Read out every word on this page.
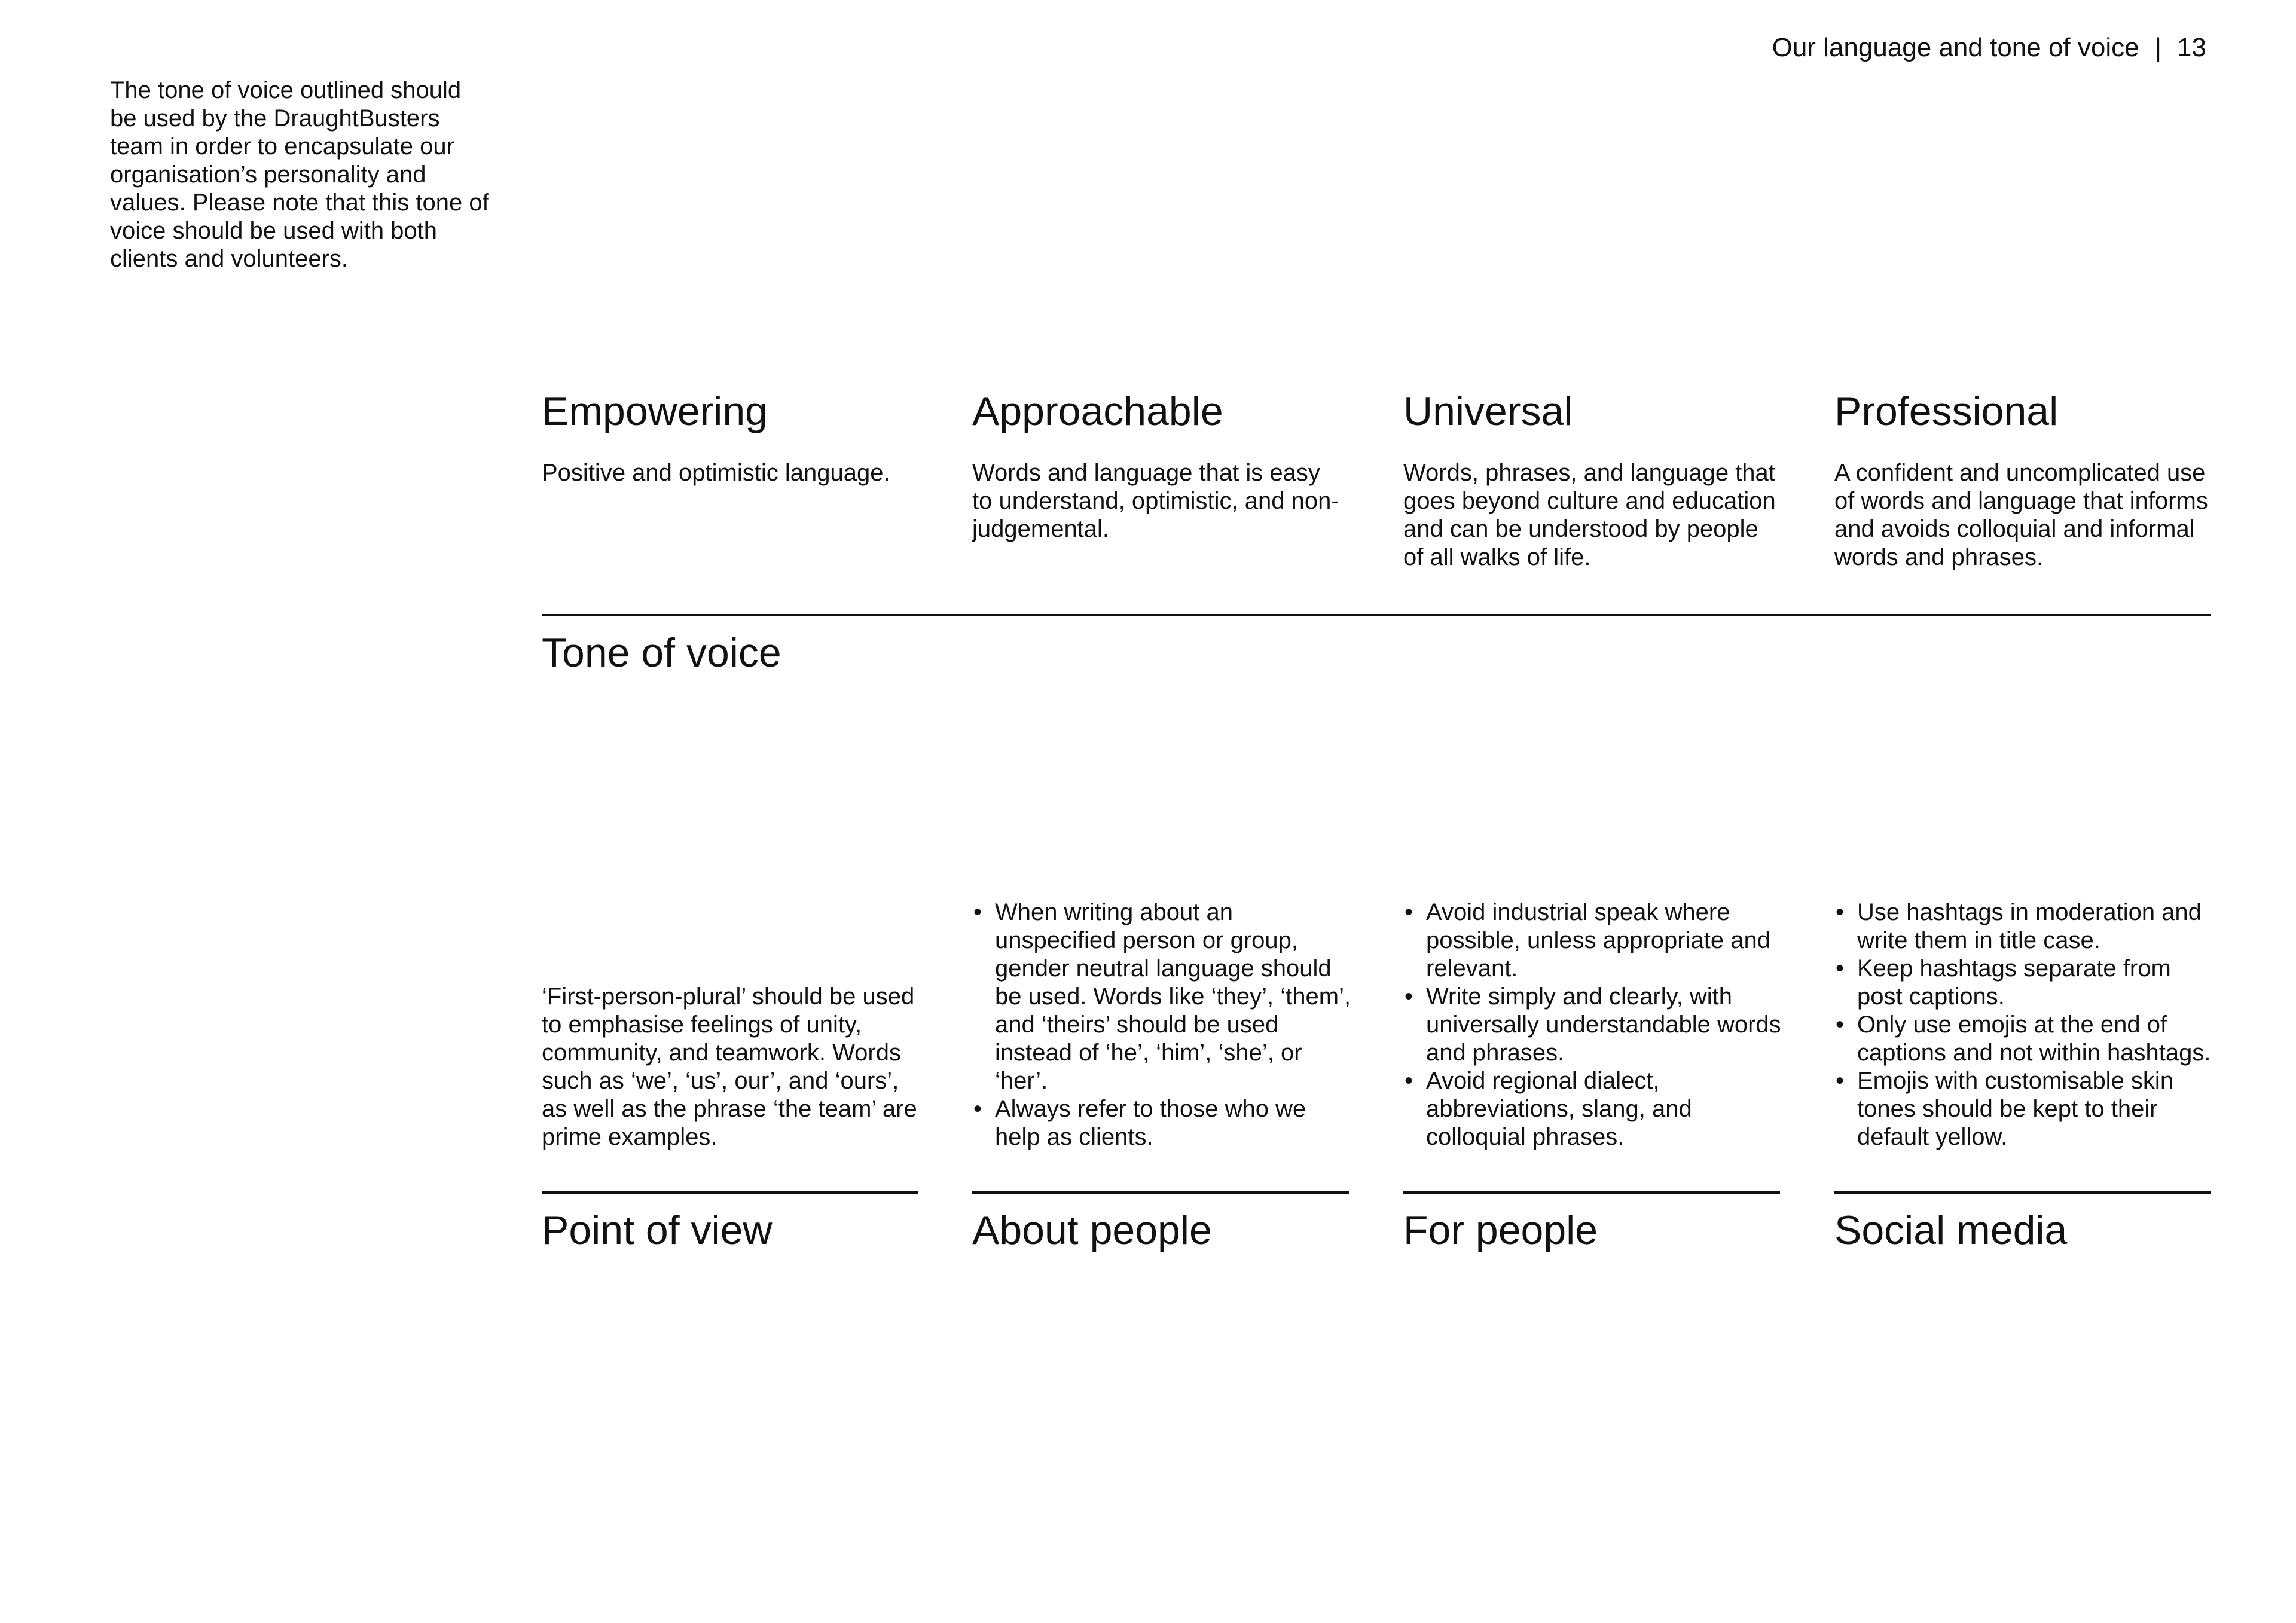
Our language and tone of voice | 13
The tone of voice outlined should be used by the DraughtBusters team in order to encapsulate our organisation’s personality and values. Please note that this tone of voice should be used with both clients and volunteers.
Empowering
Positive and optimistic language.
Approachable
Words and language that is easy to understand, optimistic, and non-judgemental.
Universal
Words, phrases, and language that goes beyond culture and education and can be understood by people of all walks of life.
Professional
A confident and uncomplicated use of words and language that informs and avoids colloquial and informal words and phrases.
Tone of voice
‘First-person-plural’ should be used to emphasise feelings of unity, community, and teamwork. Words such as ‘we’, ‘us’, our’, and ‘ours’, as well as the phrase ‘the team’ are prime examples.
• When writing about an unspecified person or group, gender neutral language should be used. Words like ‘they’, ‘them’, and ‘theirs’ should be used instead of ‘he’, ‘him’, ‘she’, or ‘her’.
• Always refer to those who we help as clients.
• Avoid industrial speak where possible, unless appropriate and relevant.
• Write simply and clearly, with universally understandable words and phrases.
• Avoid regional dialect, abbreviations, slang, and colloquial phrases.
• Use hashtags in moderation and write them in title case.
• Keep hashtags separate from post captions.
• Only use emojis at the end of captions and not within hashtags.
• Emojis with customisable skin tones should be kept to their default yellow.
Point of view	About people	For people	Social media
